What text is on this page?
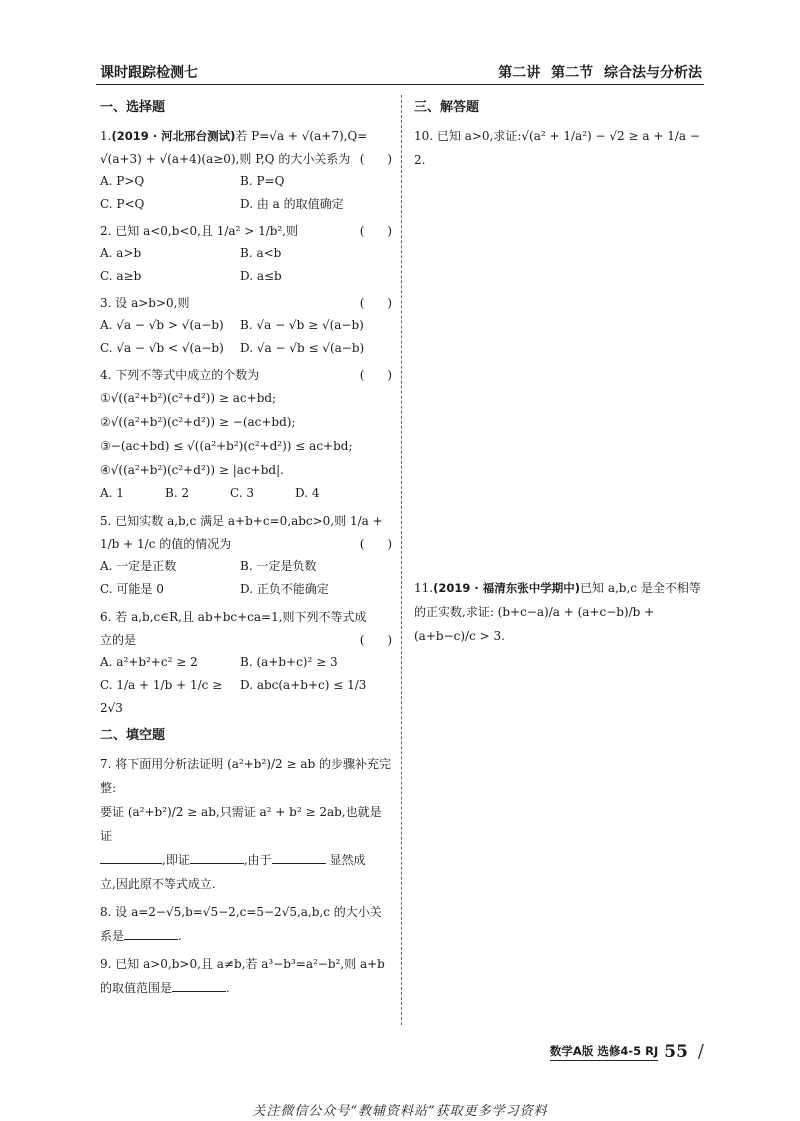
课时跟踪检测七	第二讲 第二节 综合法与分析法
一、选择题
1.(2019 · 河北邢台测试)若 P=√a + √(a+7),Q=
√(a+3) + √(a+4)(a≥0),则 P,Q 的大小关系为 (      )
A. P>Q	B. P=Q
C. P<Q	D. 由 a 的取值确定
2. 已知 a<0,b<0,且 1/a² > 1/b²,则	(      )
A. a>b	B. a<b
C. a≥b	D. a≤b
3. 设 a>b>0,则	(      )
A. √a − √b > √(a−b)	B. √a − √b ≥ √(a−b)
C. √a − √b < √(a−b)	D. √a − √b ≤ √(a−b)
4. 下列不等式中成立的个数为	(      )
①√((a²+b²)(c²+d²)) ≥ ac+bd;
②√((a²+b²)(c²+d²)) ≥ −(ac+bd);
③−(ac+bd) ≤ √((a²+b²)(c²+d²)) ≤ ac+bd;
④√((a²+b²)(c²+d²)) ≥ |ac+bd|.
A. 1	B. 2	C. 3	D. 4
5. 已知实数 a,b,c 满足 a+b+c=0,abc>0,则 1/a +
1/b + 1/c 的值的情况为	(      )
A. 一定是正数	B. 一定是负数
C. 可能是 0	D. 正负不能确定
6. 若 a,b,c∈R,且 ab+bc+ca=1,则下列不等式成
立的是	(      )
A. a²+b²+c² ≥ 2	B. (a+b+c)² ≥ 3
C. 1/a + 1/b + 1/c ≥ 2√3
D. abc(a+b+c) ≤ 1/3
二、填空题
7. 将下面用分析法证明 (a²+b²)/2 ≥ ab 的步骤补充完整:
要证 (a²+b²)/2 ≥ ab,只需证 a² + b² ≥ 2ab,也就是证
,即证	,由于	显然成
立,因此原不等式成立.
8. 设 a=2−√5,b=√5−2,c=5−2√5,a,b,c 的大小关
系是	.
9. 已知 a>0,b>0,且 a≠b,若 a³−b³=a²−b²,则 a+b
的取值范围是	.
三、解答题
10. 已知 a>0,求证:√(a² + 1/a²) − √2 ≥ a + 1/a − 2.
11.(2019 · 福清东张中学期中)已知 a,b,c 是全不相等
的正实数,求证: (b+c−a)/a + (a+c−b)/b + (a+b−c)/c > 3.
数学A版 选修4-5 RJ 55 /
关注微信公众号“教辅资料站”获取更多学习资料
